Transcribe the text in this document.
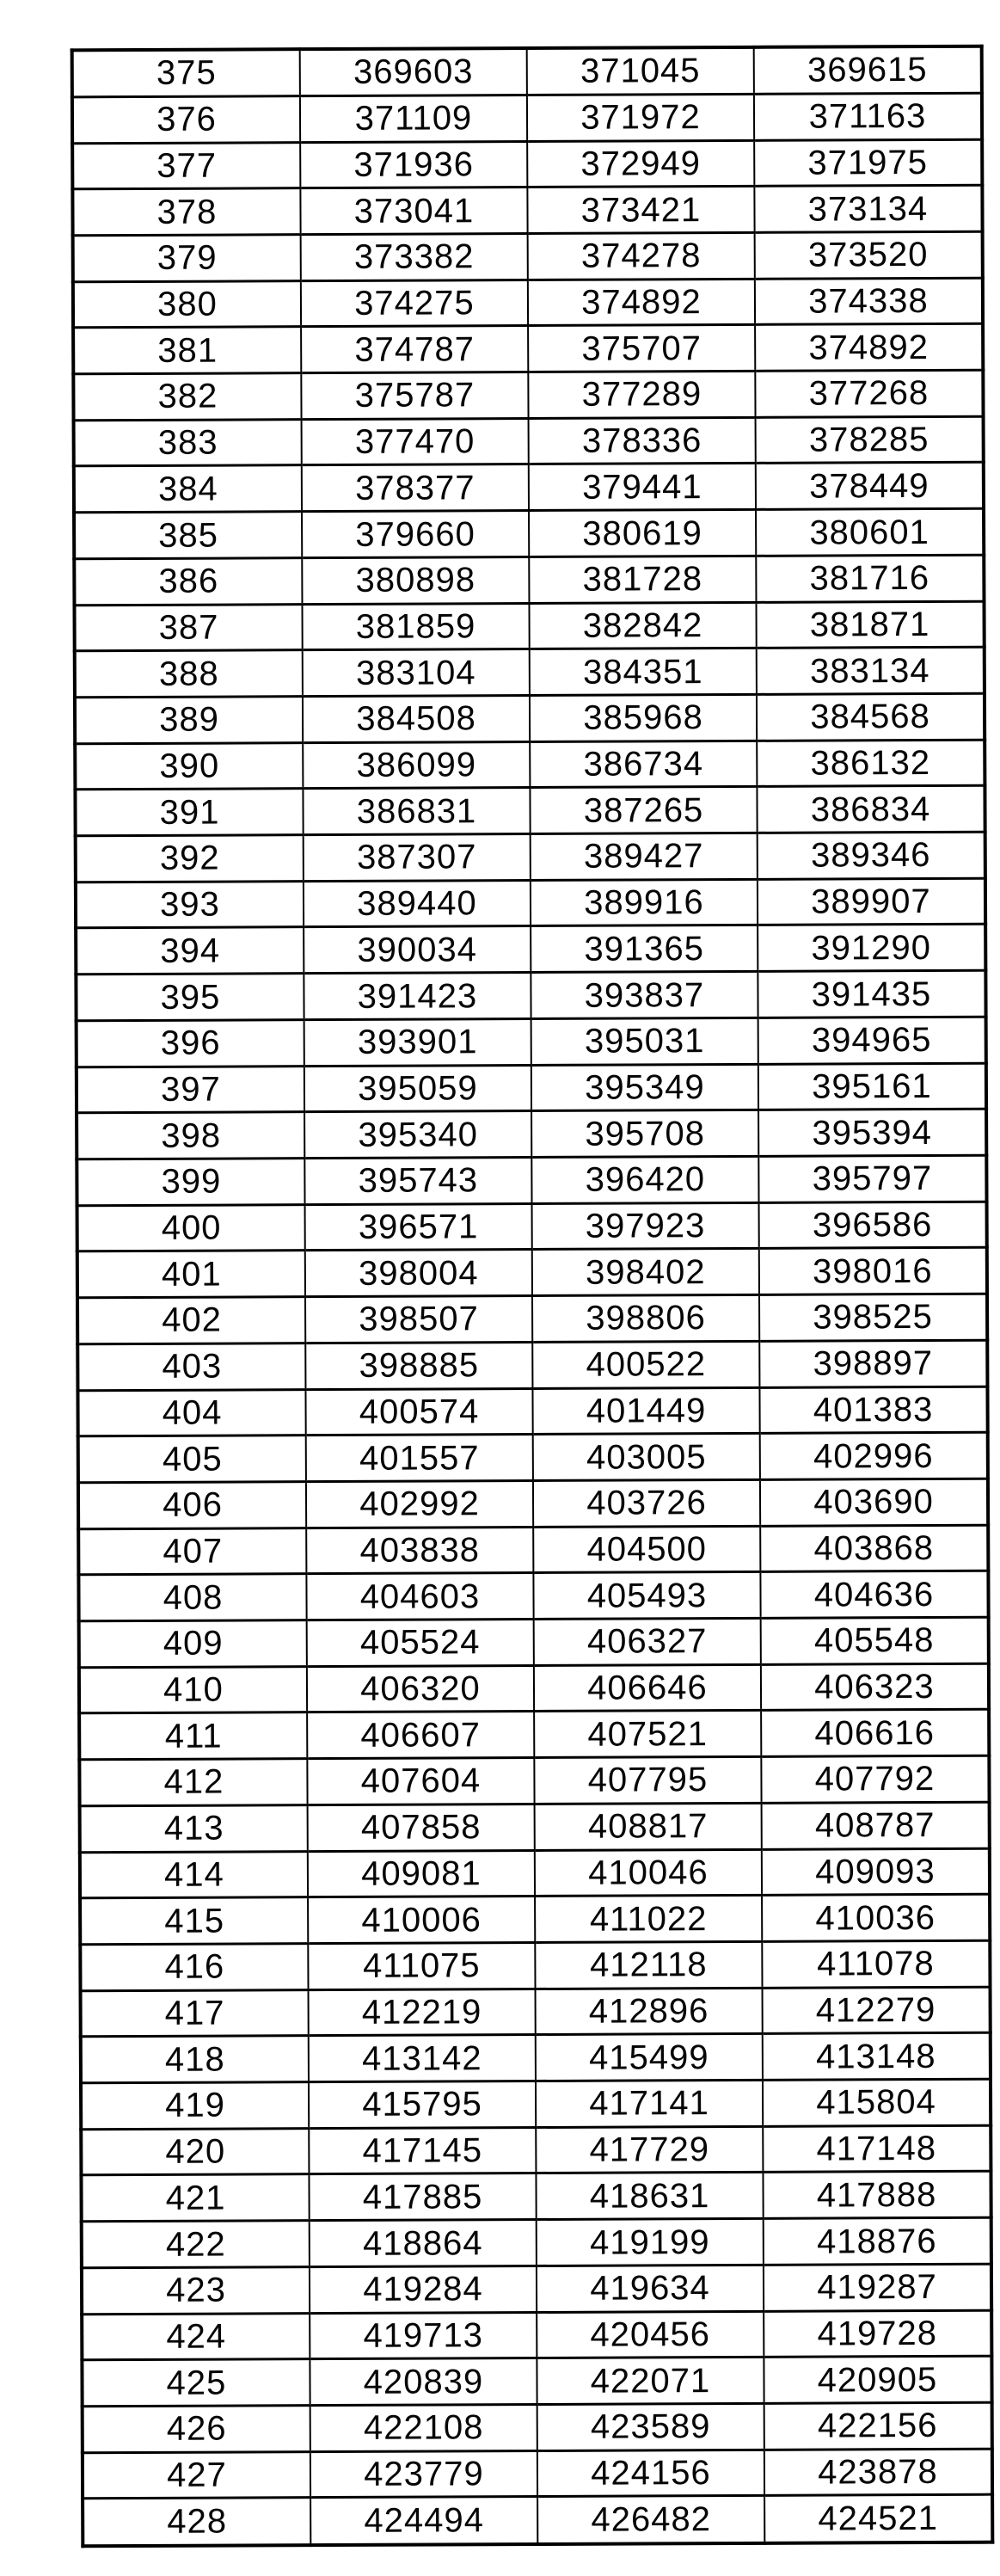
375	369603	371045	369615
376	371109	371972	371163
377	371936	372949	371975
378	373041	373421	373134
379	373382	374278	373520
380	374275	374892	374338
381	374787	375707	374892
382	375787	377289	377268
383	377470	378336	378285
384	378377	379441	378449
385	379660	380619	380601
386	380898	381728	381716
387	381859	382842	381871
388	383104	384351	383134
389	384508	385968	384568
390	386099	386734	386132
391	386831	387265	386834
392	387307	389427	389346
393	389440	389916	389907
394	390034	391365	391290
395	391423	393837	391435
396	393901	395031	394965
397	395059	395349	395161
398	395340	395708	395394
399	395743	396420	395797
400	396571	397923	396586
401	398004	398402	398016
402	398507	398806	398525
403	398885	400522	398897
404	400574	401449	401383
405	401557	403005	402996
406	402992	403726	403690
407	403838	404500	403868
408	404603	405493	404636
409	405524	406327	405548
410	406320	406646	406323
411	406607	407521	406616
412	407604	407795	407792
413	407858	408817	408787
414	409081	410046	409093
415	410006	411022	410036
416	411075	412118	411078
417	412219	412896	412279
418	413142	415499	413148
419	415795	417141	415804
420	417145	417729	417148
421	417885	418631	417888
422	418864	419199	418876
423	419284	419634	419287
424	419713	420456	419728
425	420839	422071	420905
426	422108	423589	422156
427	423779	424156	423878
428	424494	426482	424521
